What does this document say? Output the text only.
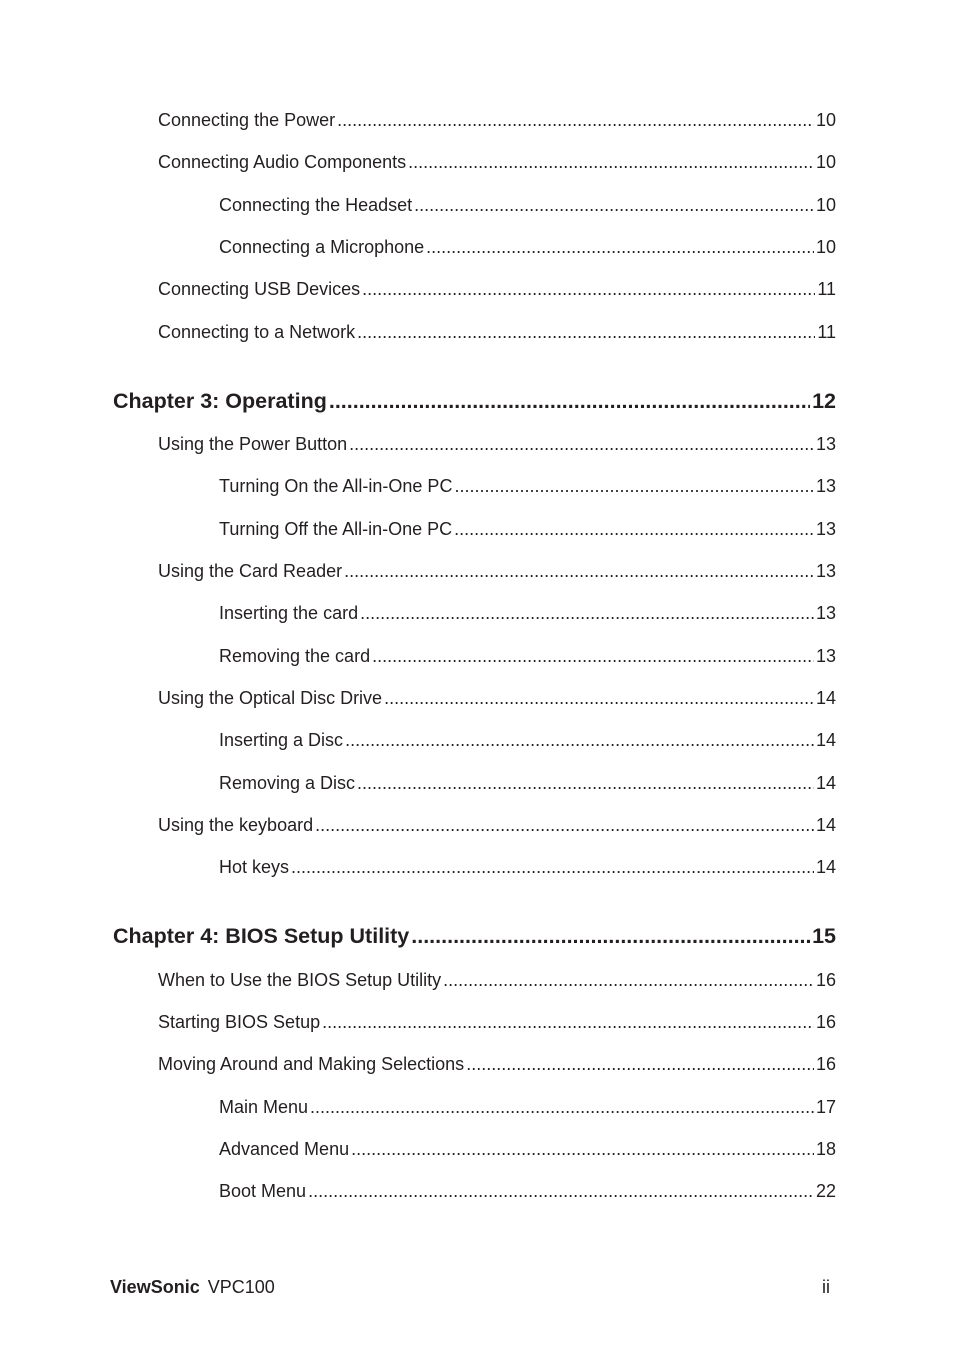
Connecting the Power .....	10
Connecting Audio Components .....	10
Connecting the Headset .....	10
Connecting a Microphone .....	10
Connecting USB Devices .....	11
Connecting to a Network .....	11
Chapter 3: Operating .....	12
Using the Power Button .....	13
Turning On the All-in-One PC .....	13
Turning Off the All-in-One PC .....	13
Using the Card Reader .....	13
Inserting the card .....	13
Removing the card .....	13
Using the Optical Disc Drive .....	14
Inserting a Disc .....	14
Removing a Disc .....	14
Using the keyboard .....	14
Hot keys .....	14
Chapter 4: BIOS Setup Utility .....	15
When to Use the BIOS Setup Utility .....	16
Starting BIOS Setup .....	16
Moving Around and Making Selections .....	16
Main Menu .....	17
Advanced Menu .....	18
Boot Menu .....	22
ViewSonic VPC100	ii
